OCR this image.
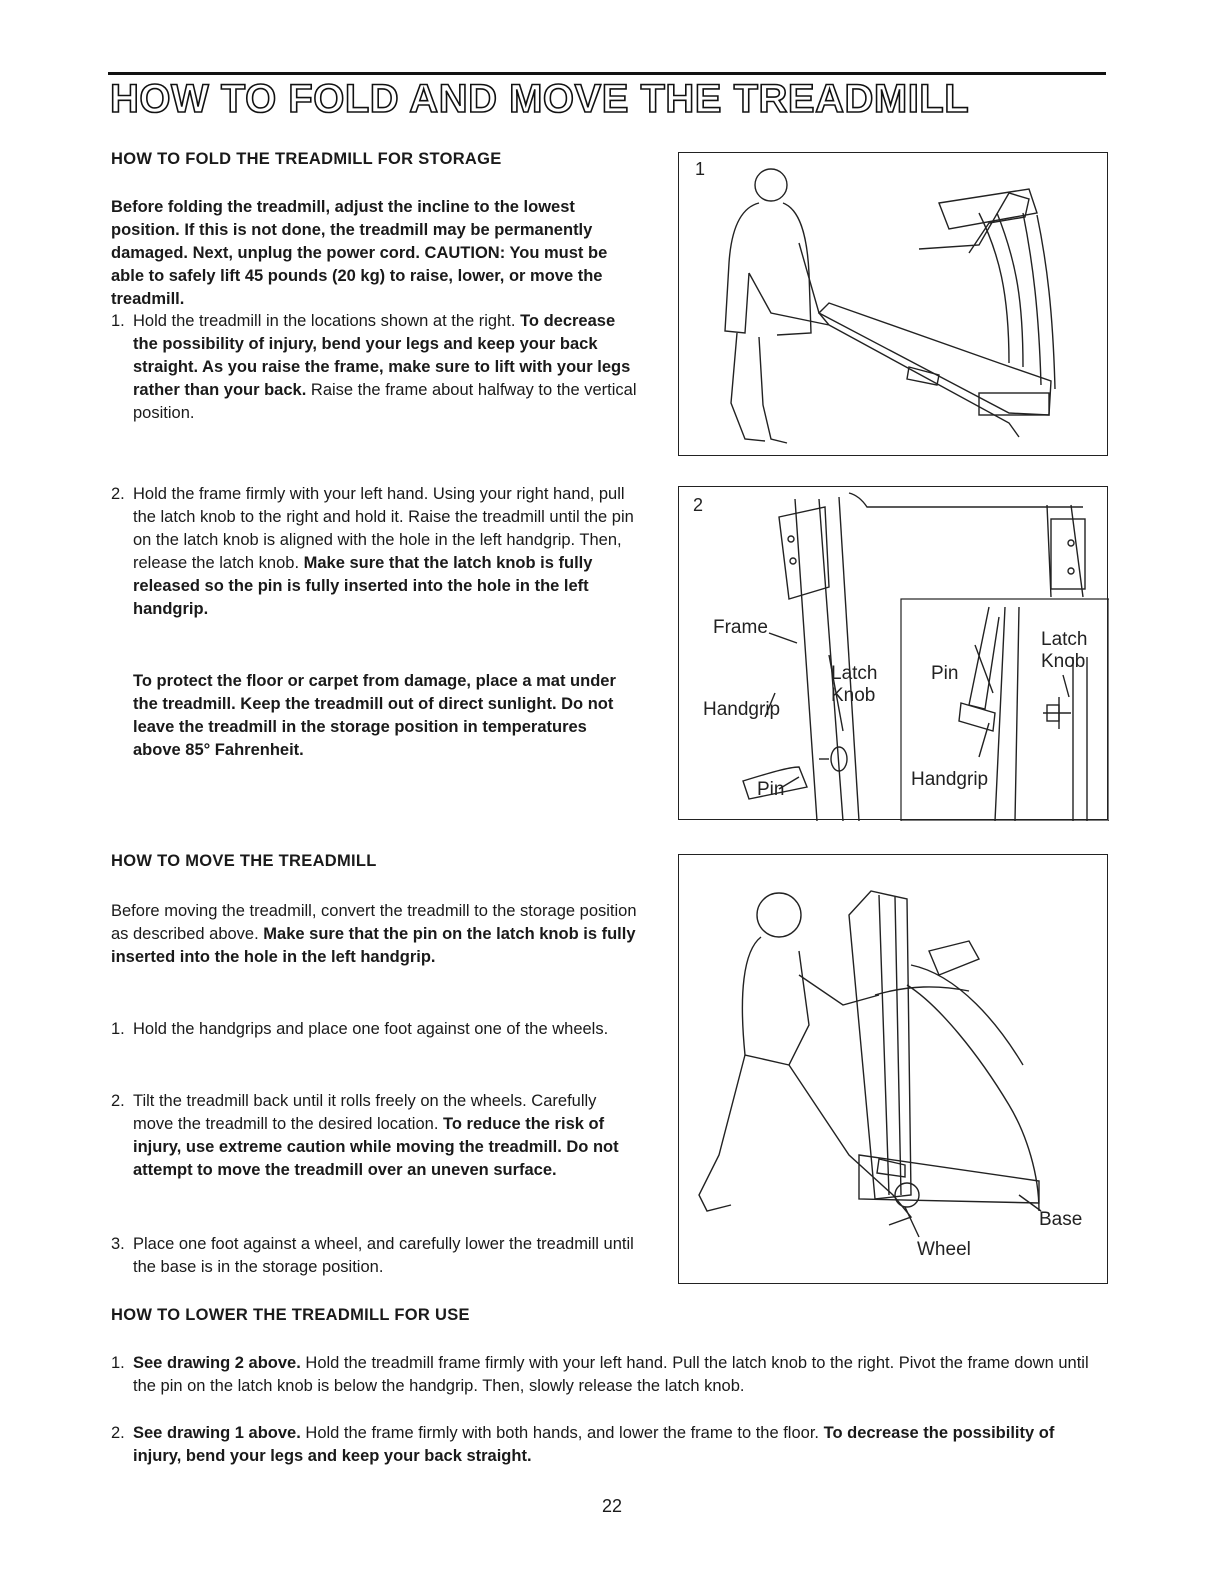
HOW TO FOLD AND MOVE THE TREADMILL
HOW TO FOLD THE TREADMILL FOR STORAGE

Before folding the treadmill, adjust the incline to the lowest position. If this is not done, the treadmill may be permanently damaged. Next, unplug the power cord. CAUTION: You must be able to safely lift 45 pounds (20 kg) to raise, lower, or move the treadmill.

1. Hold the treadmill in the locations shown at the right. To decrease the possibility of injury, bend your legs and keep your back straight. As you raise the frame, make sure to lift with your legs rather than your back. Raise the frame about halfway to the vertical position.
2. Hold the frame firmly with your left hand. Using your right hand, pull the latch knob to the right and hold it. Raise the treadmill until the pin on the latch knob is aligned with the hole in the left handgrip. Then, release the latch knob. Make sure that the latch knob is fully released so the pin is fully inserted into the hole in the left handgrip.

To protect the floor or carpet from damage, place a mat under the treadmill. Keep the treadmill out of direct sunlight. Do not leave the treadmill in the storage position in temperatures above 85° Fahrenheit.

HOW TO MOVE THE TREADMILL

Before moving the treadmill, convert the treadmill to the storage position as described above. Make sure that the pin on the latch knob is fully inserted into the hole in the left handgrip.

1. Hold the handgrips and place one foot against one of the wheels.
2. Tilt the treadmill back until it rolls freely on the wheels. Carefully move the treadmill to the desired location. To reduce the risk of injury, use extreme caution while moving the treadmill. Do not attempt to move the treadmill over an uneven surface.
3. Place one foot against a wheel, and carefully lower the treadmill until the base is in the storage position.
HOW TO LOWER THE TREADMILL FOR USE
1. See drawing 2 above. Hold the treadmill frame firmly with your left hand. Pull the latch knob to the right. Pivot the frame down until the pin on the latch knob is below the handgrip. Then, slowly release the latch knob.
2. See drawing 1 above. Hold the frame firmly with both hands, and lower the frame to the floor. To decrease the possibility of injury, bend your legs and keep your back straight.
1
2
Frame
Handgrip
Pin
Latch Knob
Pin
Latch
Knob
Handgrip
Base
Wheel
22
